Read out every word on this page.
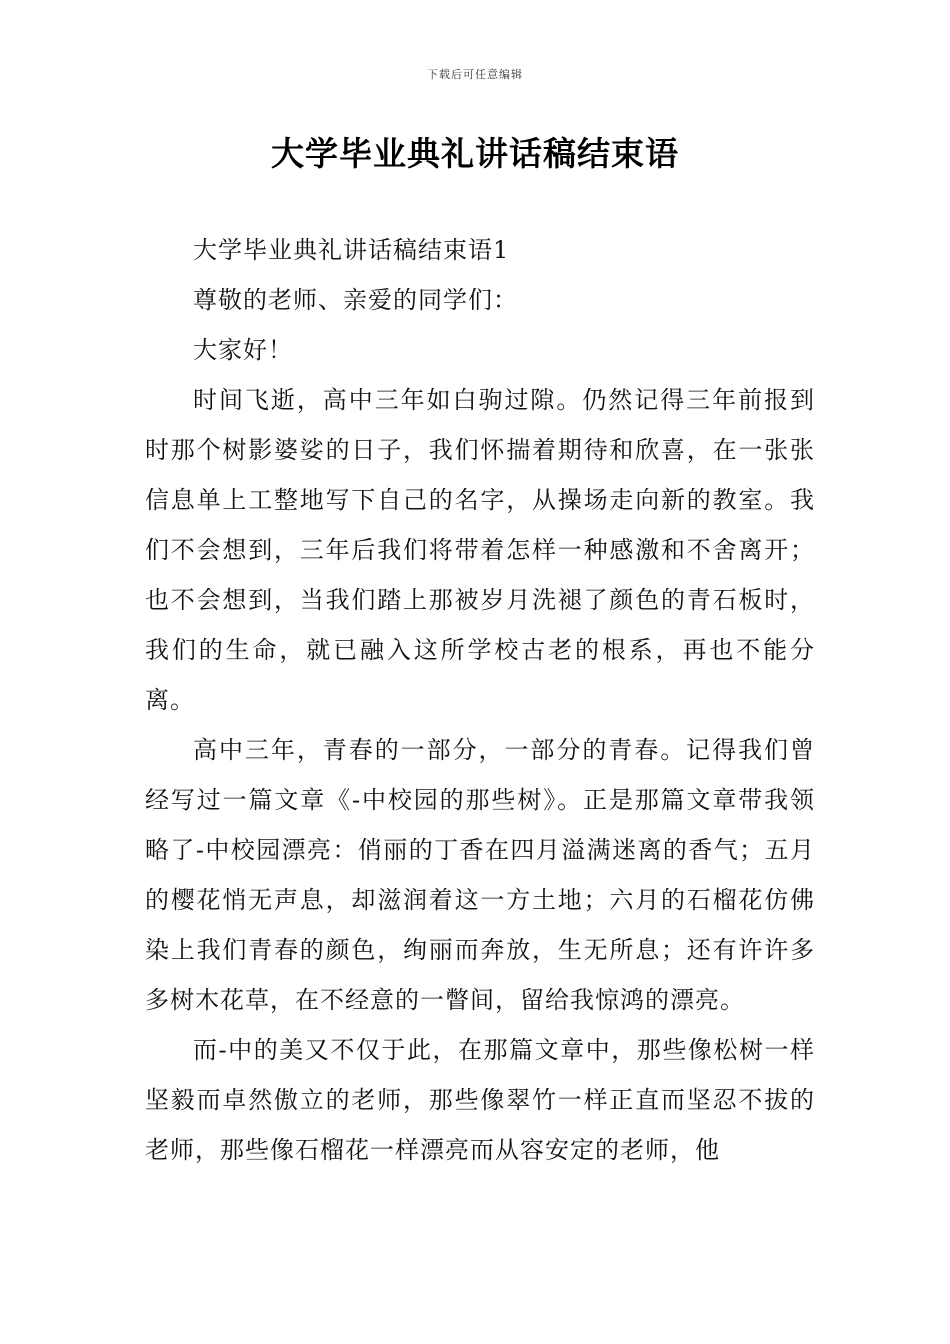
下载后可任意编辑
大学毕业典礼讲话稿结束语

大学毕业典礼讲话稿结束语1

尊敬的老师、亲爱的同学们：

大家好！

时间飞逝，高中三年如白驹过隙。仍然记得三年前报到时那个树影婆娑的日子，我们怀揣着期待和欣喜，在一张张信息单上工整地写下自己的名字，从操场走向新的教室。我们不会想到，三年后我们将带着怎样一种感激和不舍离开；也不会想到，当我们踏上那被岁月洗褪了颜色的青石板时，我们的生命，就已融入这所学校古老的根系，再也不能分离。

高中三年，青春的一部分，一部分的青春。记得我们曾经写过一篇文章《-中校园的那些树》。正是那篇文章带我领略了-中校园漂亮：俏丽的丁香在四月溢满迷离的香气；五月的樱花悄无声息，却滋润着这一方土地；六月的石榴花仿佛染上我们青春的颜色，绚丽而奔放，生无所息；还有许许多多树木花草，在不经意的一瞥间，留给我惊鸿的漂亮。

而-中的美又不仅于此，在那篇文章中，那些像松树一样坚毅而卓然傲立的老师，那些像翠竹一样正直而坚忍不拔的老师，那些像石榴花一样漂亮而从容安定的老师，他
